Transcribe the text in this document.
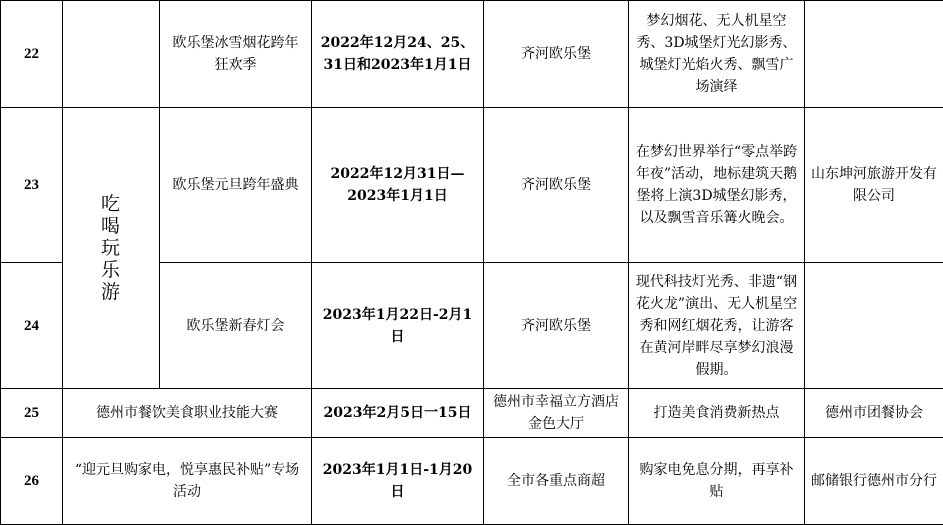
22		欧乐堡冰雪烟花跨年狂欢季	2022年12月24、25、31日和2023年1月1日	齐河欧乐堡	梦幻烟花、无人机星空秀、3D城堡灯光幻影秀、城堡灯光焰火秀、飘雪广场演绎	
23	吃喝玩乐游	欧乐堡元旦跨年盛典	2022年12月31日—2023年1月1日	齐河欧乐堡	在梦幻世界举行“零点举跨年夜”活动，地标建筑天鹅堡将上演3D城堡幻影秀，以及飘雪音乐篝火晚会。	山东坤河旅游开发有限公司
24		欧乐堡新春灯会	2023年1月22日-2月1日	齐河欧乐堡	现代科技灯光秀、非遗“钢花火龙”演出、无人机星空秀和网红烟花秀，让游客在黄河岸畔尽享梦幻浪漫假期。	
25	德州市餐饮美食职业技能大赛		2023年2月5日一15日	德州市幸福立方酒店金色大厅	打造美食消费新热点	德州市团餐协会
26	“迎元旦购家电，悦享惠民补贴”专场活动		2023年1月1日-1月20日	全市各重点商超	购家电免息分期，再享补贴	邮储银行德州市分行
